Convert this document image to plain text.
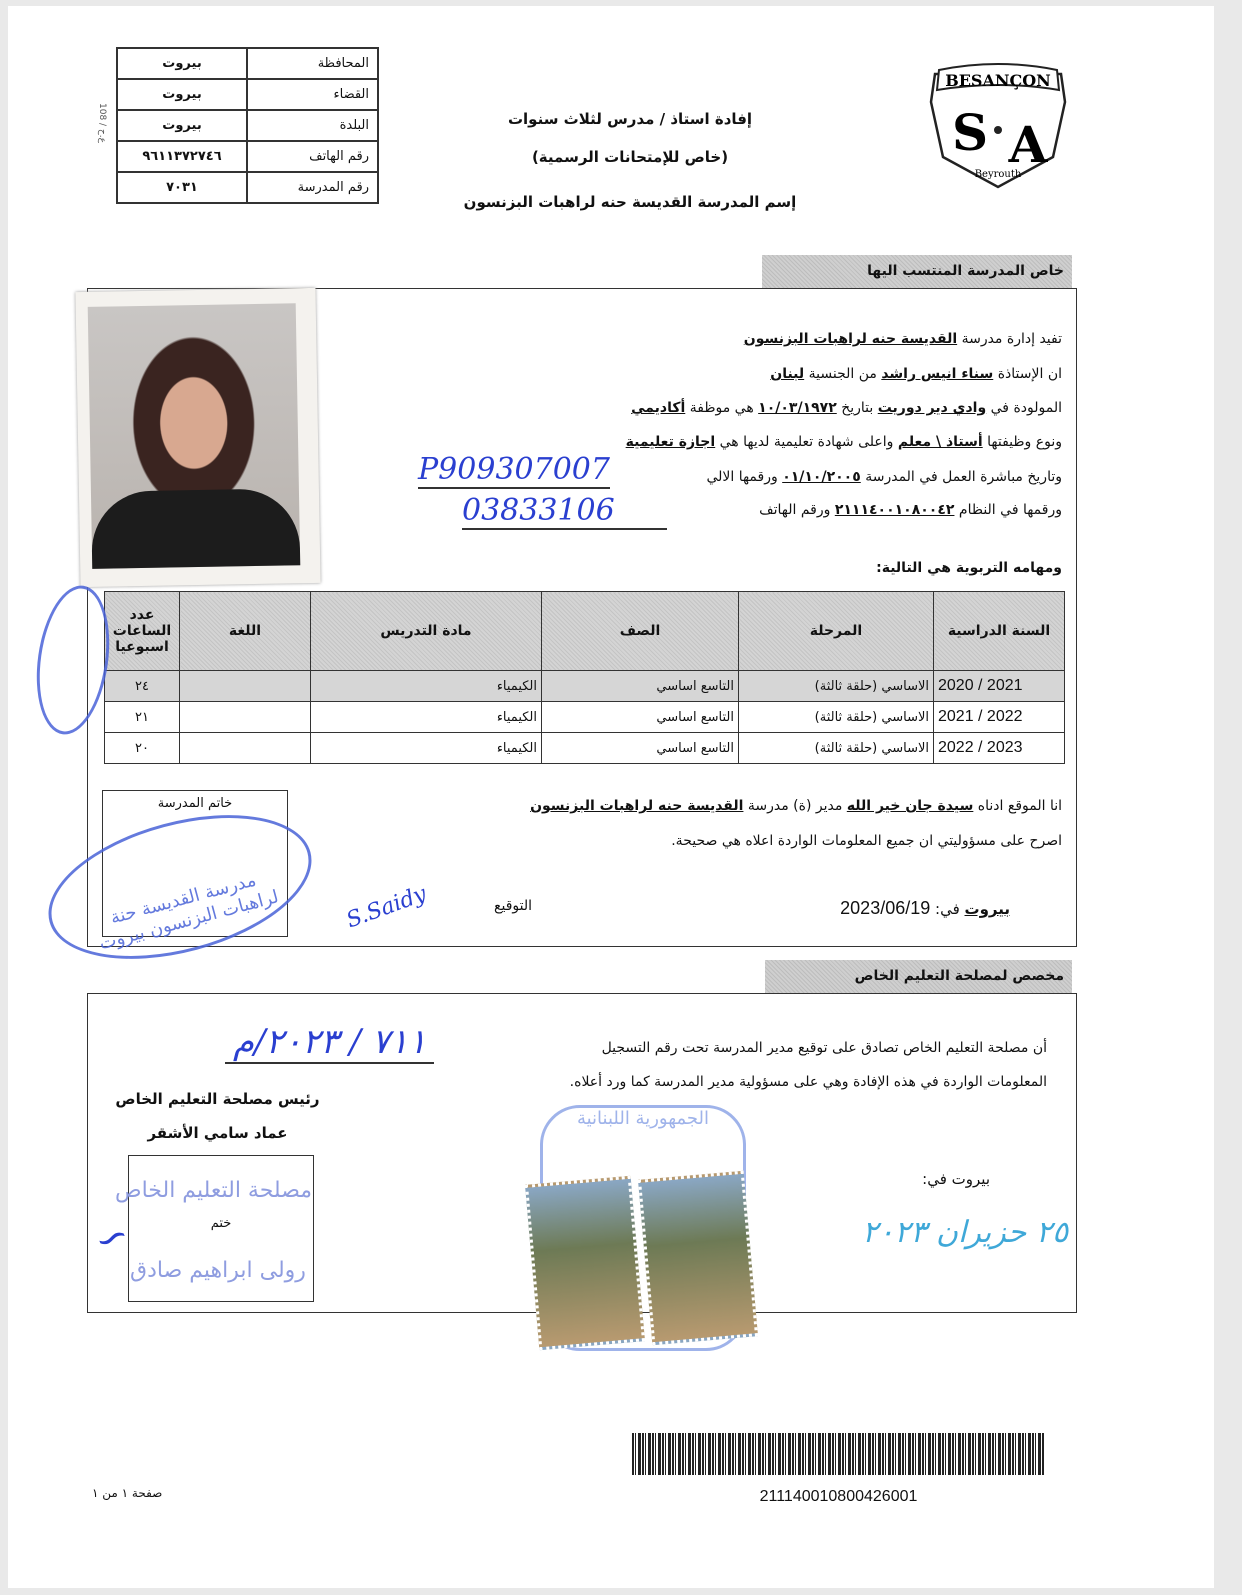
المحافظة	بيروت
القضاء	بيروت
البلدة	بيروت
رقم الهاتف	٩٦١١٣٧٢٧٤٦
رقم المدرسة	٧٠٣١
108 / ع.ح
إفادة استاذ / مدرس لثلاث سنوات
(خاص للإمتحانات الرسمية)
إسم المدرسة القديسة حنه لراهبات البزنسون
BESANÇON
S A
Beyrouth
خاص المدرسة المنتسب اليها
تفيد إدارة مدرسة القديسة حنه لراهبات البزنسون
ان الإستاذة سناء انيس راشد من الجنسية لبنان
المولودة في وادي دير دوريت بتاريخ ١٠/٠٣/١٩٧٢ هي موظفة أكاديمي
ونوع وظيفتها أستاذ \ معلم واعلى شهادة تعليمية لديها هي اجازة تعليمية
وتاريخ مباشرة العمل في المدرسة ٠١/١٠/٢٠٠٥ ورقمها الالي
ورقمها في النظام ٢١١١٤٠٠١٠٨٠٠٤٢ ورقم الهاتف
P909307007
03833106
ومهامه التربوية هي التالية:
السنة الدراسية	المرحلة	الصف	مادة التدريس	اللغة	عدد الساعات اسبوعيا
2020 / 2021	الاساسي (حلقة ثالثة)	التاسع اساسي	الكيمياء		٢٤
2021 / 2022	الاساسي (حلقة ثالثة)	التاسع اساسي	الكيمياء		٢١
2022 / 2023	الاساسي (حلقة ثالثة)	التاسع اساسي	الكيمياء		٢٠
انا الموقع ادناه سيدة جان خير الله مدير (ة) مدرسة القديسة حنه لراهبات البزنسون
اصرح على مسؤوليتي ان جميع المعلومات الواردة اعلاه هي صحيحة.
بيروت في: 2023/06/19
التوقيع
S.Saidy
خاتم المدرسة
مدرسة القديسة حنة لراهبات البزنسون بيروت
مخصص لمصلحة التعليم الخاص
أن مصلحة التعليم الخاص تصادق على توقيع مدير المدرسة تحت رقم التسجيل
٧١١ / ٢٠٢٣/م
المعلومات الواردة في هذه الإفادة وهي على مسؤولية مدير المدرسة كما ورد أعلاه.
رئيس مصلحة التعليم الخاص
عماد سامي الأشقر
ختم
مصلحة التعليم الخاص
رولى ابراهيم صادق
∽
الجمهورية اللبنانية
بيروت في:
٢٥ حزيران ٢٠٢٣
21114001080042600​1
صفحة ١ من ١
